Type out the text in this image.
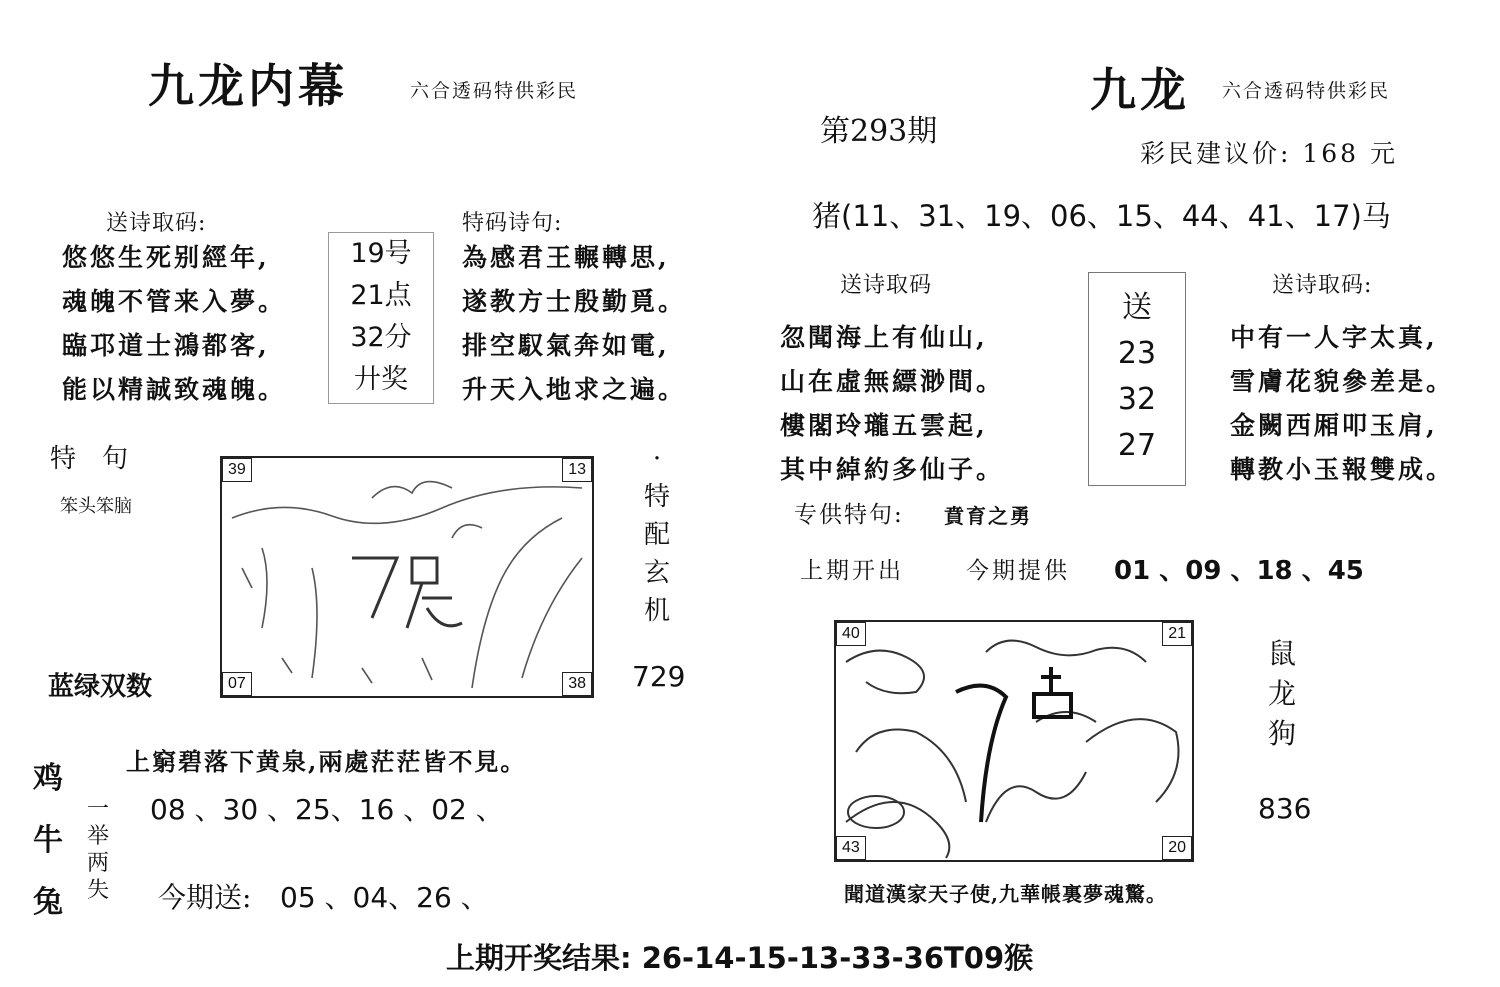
九龙内幕	六合透码特供彩民
送诗取码:
悠悠生死别經年,
魂魄不管来入夢。
臨邛道士鴻都客,
能以精誠致魂魄。
19号
21点
32分
廾奖
特码诗句:
為感君王輾轉思,
遂教方士殷勤覓。
排空馭氣奔如電,
升天入地求之遍。
特　句
笨头笨脑
39	13
07	38
·特配玄机
729
蓝绿双数
上窮碧落下黄泉,兩處茫茫皆不見。
鸡
牛
兔
一举两失
08 、30 、25、16 、02 、
今期送: 05 、04、26 、
第293期
九龙 六合透码特供彩民
彩民建议价: 168 元
猪(11、31、19、06、15、44、41、17)马
送诗取码
忽聞海上有仙山,
山在虛無縹渺間。
樓閣玲瓏五雲起,
其中綽約多仙子。
送
23
32
27
送诗取码:
中有一人字太真,
雪膚花貌參差是。
金闕西厢叩玉肩,
轉教小玉報雙成。
专供特句: 賁育之勇
上期开出	今期提供 01 、09 、18 、45
40	21
43	20
鼠
龙
狗
836
聞道漢家天子使,九華帳裏夢魂驚。
上期开奖结果: 26-14-15-13-33-36T09猴
